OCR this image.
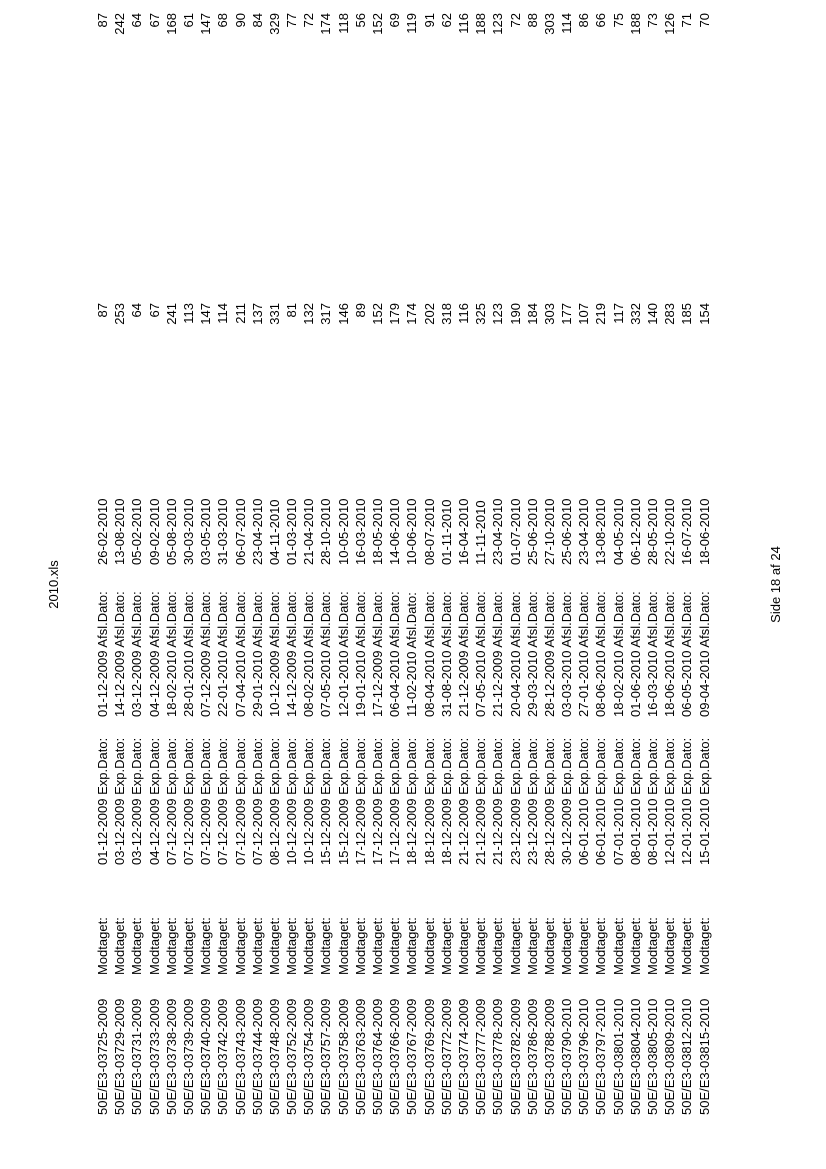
2010.xls
50E/E3-03725-2009
Modtaget:
26-02-2010
87
87
01-12-2009 Exp.Dato:
01-12-2009 Afsl.Dato:
50E/E3-03729-2009
Modtaget:
13-08-2010
253
242
03-12-2009 Exp.Dato:
14-12-2009 Afsl.Dato:
50E/E3-03731-2009
Modtaget:
05-02-2010
64
64
03-12-2009 Exp.Dato:
03-12-2009 Afsl.Dato:
50E/E3-03733-2009
Modtaget:
09-02-2010
67
67
04-12-2009 Exp.Dato:
04-12-2009 Afsl.Dato:
50E/E3-03738-2009
Modtaget:
05-08-2010
241
168
07-12-2009 Exp.Dato:
18-02-2010 Afsl.Dato:
50E/E3-03739-2009
Modtaget:
30-03-2010
113
61
07-12-2009 Exp.Dato:
28-01-2010 Afsl.Dato:
50E/E3-03740-2009
Modtaget:
03-05-2010
147
147
07-12-2009 Exp.Dato:
07-12-2009 Afsl.Dato:
50E/E3-03742-2009
Modtaget:
31-03-2010
114
68
07-12-2009 Exp.Dato:
22-01-2010 Afsl.Dato:
50E/E3-03743-2009
Modtaget:
06-07-2010
211
90
07-12-2009 Exp.Dato:
07-04-2010 Afsl.Dato:
50E/E3-03744-2009
Modtaget:
23-04-2010
137
84
07-12-2009 Exp.Dato:
29-01-2010 Afsl.Dato:
50E/E3-03748-2009
Modtaget:
04-11-2010
331
329
08-12-2009 Exp.Dato:
10-12-2009 Afsl.Dato:
50E/E3-03752-2009
Modtaget:
01-03-2010
81
77
10-12-2009 Exp.Dato:
14-12-2009 Afsl.Dato:
50E/E3-03754-2009
Modtaget:
21-04-2010
132
72
10-12-2009 Exp.Dato:
08-02-2010 Afsl.Dato:
50E/E3-03757-2009
Modtaget:
28-10-2010
317
174
15-12-2009 Exp.Dato:
07-05-2010 Afsl.Dato:
50E/E3-03758-2009
Modtaget:
10-05-2010
146
118
15-12-2009 Exp.Dato:
12-01-2010 Afsl.Dato:
50E/E3-03763-2009
Modtaget:
16-03-2010
89
56
17-12-2009 Exp.Dato:
19-01-2010 Afsl.Dato:
50E/E3-03764-2009
Modtaget:
18-05-2010
152
152
17-12-2009 Exp.Dato:
17-12-2009 Afsl.Dato:
50E/E3-03766-2009
Modtaget:
14-06-2010
179
69
17-12-2009 Exp.Dato:
06-04-2010 Afsl.Dato:
50E/E3-03767-2009
Modtaget:
10-06-2010
174
119
18-12-2009 Exp.Dato:
11-02-2010 Afsl.Dato:
50E/E3-03769-2009
Modtaget:
08-07-2010
202
91
18-12-2009 Exp.Dato:
08-04-2010 Afsl.Dato:
50E/E3-03772-2009
Modtaget:
01-11-2010
318
62
18-12-2009 Exp.Dato:
31-08-2010 Afsl.Dato:
50E/E3-03774-2009
Modtaget:
16-04-2010
116
116
21-12-2009 Exp.Dato:
21-12-2009 Afsl.Dato:
50E/E3-03777-2009
Modtaget:
11-11-2010
325
188
21-12-2009 Exp.Dato:
07-05-2010 Afsl.Dato:
50E/E3-03778-2009
Modtaget:
23-04-2010
123
123
21-12-2009 Exp.Dato:
21-12-2009 Afsl.Dato:
50E/E3-03782-2009
Modtaget:
01-07-2010
190
72
23-12-2009 Exp.Dato:
20-04-2010 Afsl.Dato:
50E/E3-03786-2009
Modtaget:
25-06-2010
184
88
23-12-2009 Exp.Dato:
29-03-2010 Afsl.Dato:
50E/E3-03788-2009
Modtaget:
27-10-2010
303
303
28-12-2009 Exp.Dato:
28-12-2009 Afsl.Dato:
50E/E3-03790-2010
Modtaget:
25-06-2010
177
114
30-12-2009 Exp.Dato:
03-03-2010 Afsl.Dato:
50E/E3-03796-2010
Modtaget:
23-04-2010
107
86
06-01-2010 Exp.Dato:
27-01-2010 Afsl.Dato:
50E/E3-03797-2010
Modtaget:
13-08-2010
219
66
06-01-2010 Exp.Dato:
08-06-2010 Afsl.Dato:
50E/E3-03801-2010
Modtaget:
04-05-2010
117
75
07-01-2010 Exp.Dato:
18-02-2010 Afsl.Dato:
50E/E3-03804-2010
Modtaget:
06-12-2010
332
188
08-01-2010 Exp.Dato:
01-06-2010 Afsl.Dato:
50E/E3-03805-2010
Modtaget:
28-05-2010
140
73
08-01-2010 Exp.Dato:
16-03-2010 Afsl.Dato:
50E/E3-03809-2010
Modtaget:
22-10-2010
283
126
12-01-2010 Exp.Dato:
18-06-2010 Afsl.Dato:
50E/E3-03812-2010
Modtaget:
16-07-2010
185
71
12-01-2010 Exp.Dato:
06-05-2010 Afsl.Dato:
50E/E3-03815-2010
Modtaget:
18-06-2010
154
70
15-01-2010 Exp.Dato:
09-04-2010 Afsl.Dato:	Side 18 af 24
